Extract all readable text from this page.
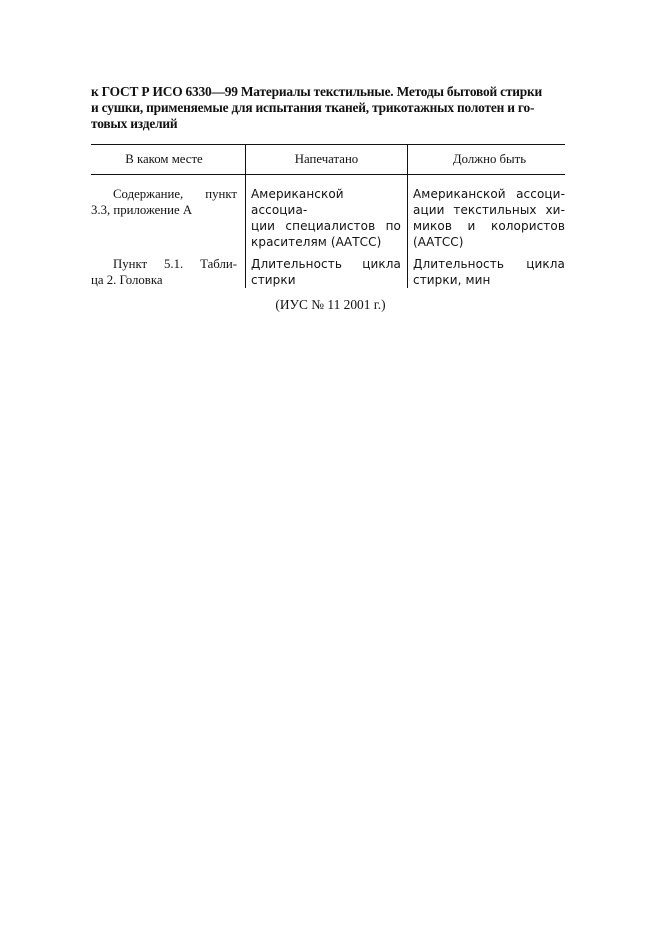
к ГОСТ Р ИСО 6330—99 Материалы текстильные. Методы бытовой стирки
и сушки, применяемые для испытания тканей, трикотажных полотен и го-
товых изделий
В каком месте	Напечатано	Должно быть
Содержание, пункт
3.3, приложение А
Американской ассоциа-
ции специалистов по
красителям (ААТСС)
Американской ассоци-
ации текстильных хи-
миков и колористов
(ААТСС)
Пункт 5.1. Табли-
ца 2. Головка
Длительность цикла
стирки
Длительность цикла
стирки, мин
(ИУС № 11 2001 г.)
